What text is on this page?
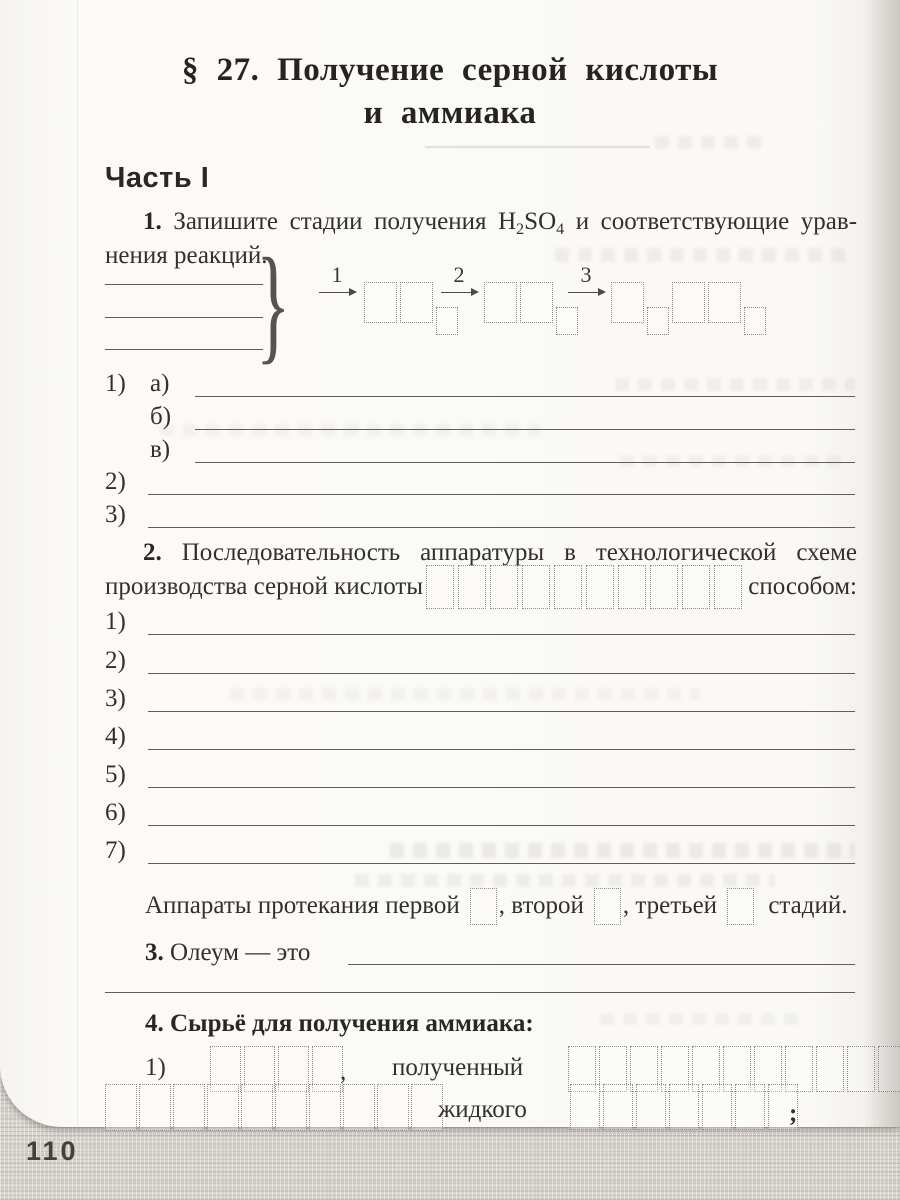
§ 27. Получение серной кислоты
и аммиака
Часть I
1. Запишите стадии получения $H_2SO_4$ и соответствующие урав-
нения реакций.
}	1	2	3
1) а)
б)
в)
2)
3)
2. Последовательность аппаратуры в технологической схеме
производства серной кислоты	способом:
1)
2)
3)
4)
5)
6)
7)
Аппараты протекания первой , второй , третьей стадий.
3. Олеум — это
4. Сырьё для получения аммиака:
1)	, полученный
жидкого	;
110
